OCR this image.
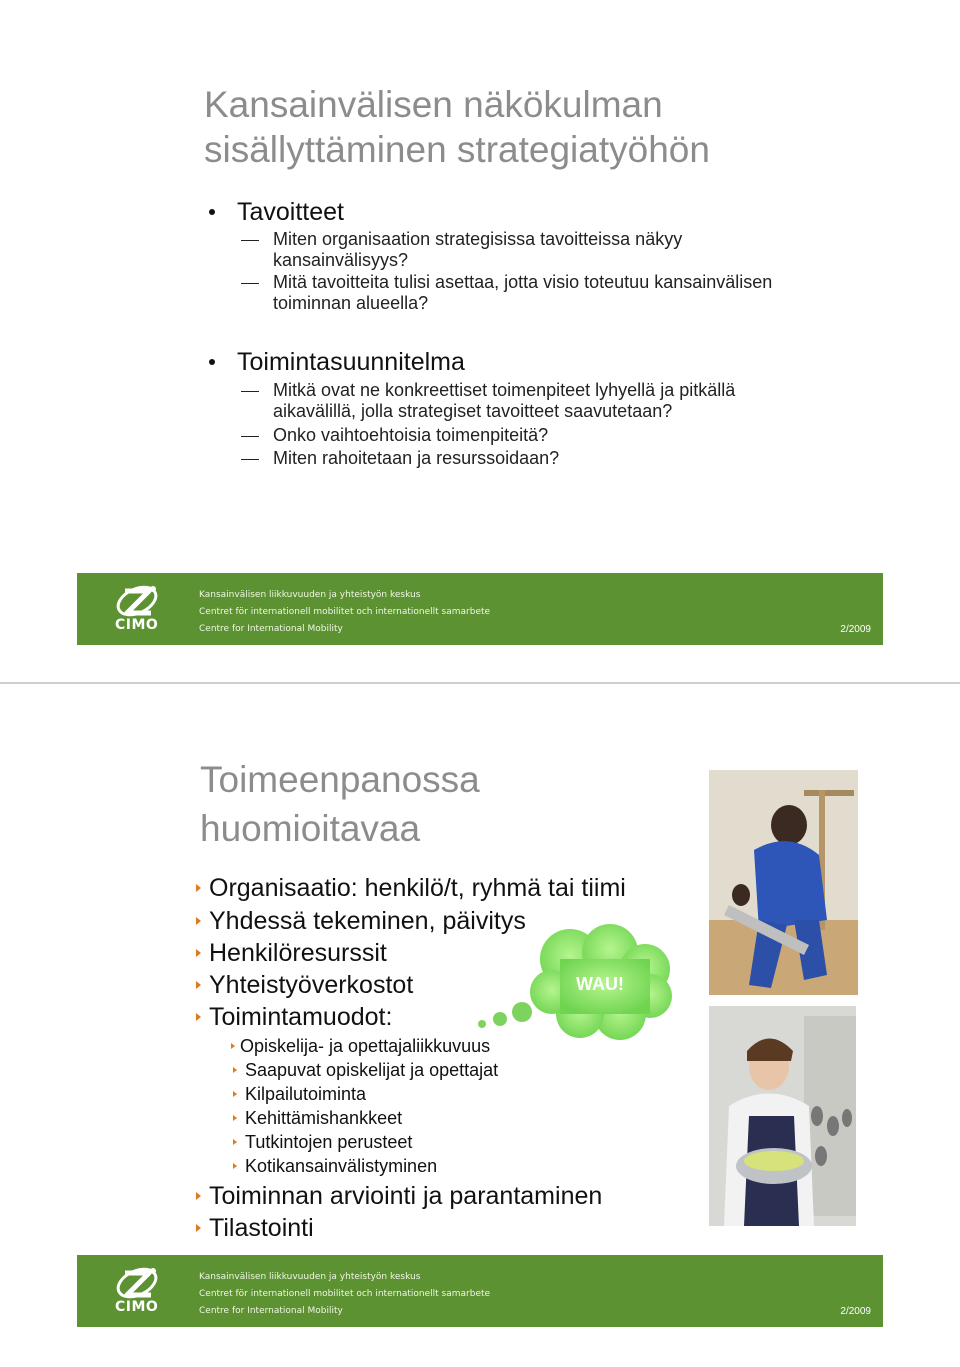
Kansainvälisen näkökulman
sisällyttäminen strategiatyöhön
Tavoitteet
Miten organisaation strategisissa tavoitteissa näkyy
kansainvälisyys?
Mitä tavoitteita tulisi asettaa, jotta visio toteutuu kansainvälisen
toiminnan alueella?
Toimintasuunnitelma
Mitkä ovat ne konkreettiset toimenpiteet lyhyellä ja pitkällä
aikavälillä, jolla strategiset tavoitteet saavutetaan?
Onko vaihtoehtoisia toimenpiteitä?
Miten rahoitetaan ja resurssoidaan?
CIMO
Kansainvälisen liikkuvuuden ja yhteistyön keskus
Centret för internationell mobilitet och internationellt samarbete
Centre for International Mobility	2/2009
Toimeenpanossa
huomioitavaa
Organisaatio: henkilö/t, ryhmä tai tiimi
Yhdessä tekeminen, päivitys
Henkilöresurssit
Yhteistyöverkostot
Toimintamuodot:
Opiskelija- ja opettajaliikkuvuus
Saapuvat opiskelijat ja opettajat
Kilpailutoiminta
Kehittämishankkeet
Tutkintojen perusteet
Kotikansainvälistyminen
Toiminnan arviointi ja parantaminen
Tilastointi
WAU!
CIMO
Kansainvälisen liikkuvuuden ja yhteistyön keskus
Centret för internationell mobilitet och internationellt samarbete
Centre for International Mobility	2/2009
